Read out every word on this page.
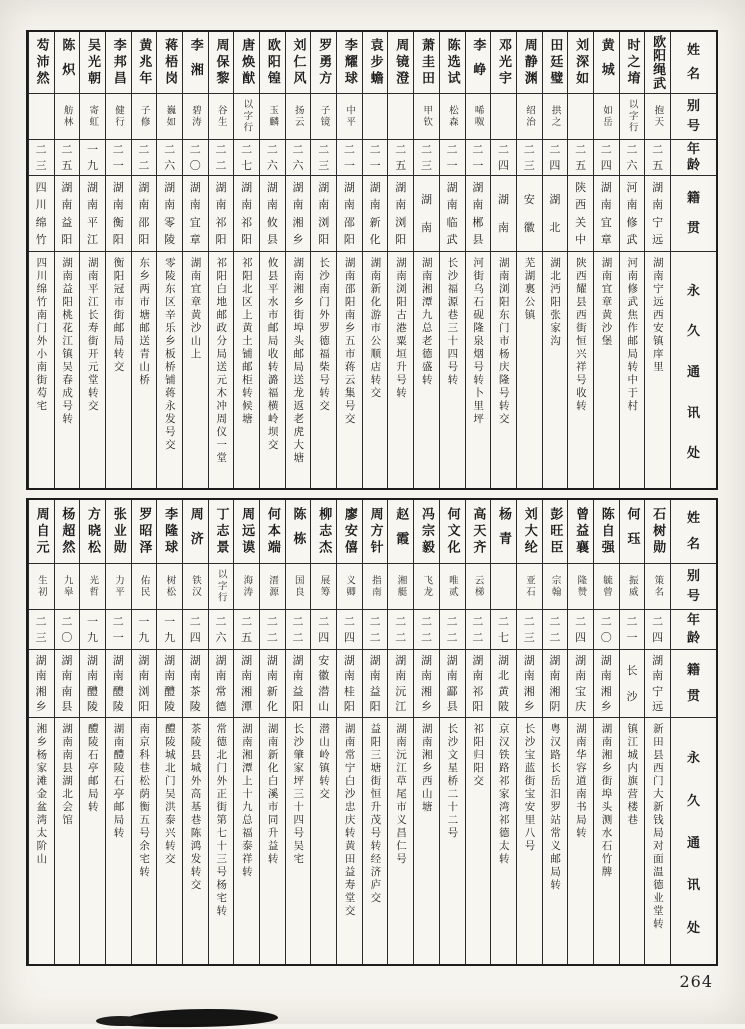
姓
名
别
号
年
龄
籍
贯
永
久
通
讯
处
欧阳绳武
抱天
二
五
湖
南
宁
远
湖南宁远西安镇庠里
时之堉
以字行
二
六
河
南
修
武
河南修武焦作邮局转中于村
黄城
如岳
二
四
湖
南
宜
章
湖南宜章黄沙堡
刘深如
二
五
陕
西
关
中
陕西耀县西街恒兴祥号收转
田廷璧
拱之
二
四
湖
北
湖北沔阳张家沟
周静渊
绍治
二
三
安
徽
芜湖裏公镇
邓光宇
二
四
湖
南
湖南浏阳东门市杨庆隆号转交
李峥
唏呶
二
一
湖
南
郴
县
河街乌石砚隆泉烟号转卜里坪
陈选试
松森
二
一
湖
南
临
武
长沙福源巷三十四号转
萧圭田
甲钦
二
三
湖
南
湖南湘潭九总老德盛转
周镜澄
二
五
湖
南
浏
阳
湖南浏阳古港粟垣升号转
袁步蟾
二
一
湖
南
新
化
湖南新化游市公顺店转交
李耀球
中平
二
一
湖
南
邵
阳
湖南邵阳南乡五市蒋云集号交
罗勇方
子镜
二
三
湖
南
浏
阳
长沙南门外罗德福柴号转交
刘仁风
扬云
二
六
湖
南
湘
乡
湖南湘乡街埠头邮局送龙返老虎大塘
欧阳锽
玉麟
二
六
湖
南
攸
县
攸县平水市邮局收转潞福横岭坝交
唐焕猷
以字行
二
七
湖
南
祁
阳
祁阳北区上黄土铺邮柜转候塘
周保黎
谷生
二
二
湖
南
祁
阳
祁阳白地邮政分局送元木冲周仪一堂
李湘
碧涛
二
〇
湖
南
宜
章
湖南宜章黄沙山上
蒋梧岗
巍如
二
六
湖
南
零
陵
零陵东区辛乐乡板桥铺蒋永发号交
黄兆年
子修
二
二
湖
南
邵
阳
东乡两市塘邮送青山桥
李邦昌
健行
二
一
湖
南
衡
阳
衡阳冠市街邮局转交
吴光朝
寄虹
一
九
湖
南
平
江
湖南平江长寿街开元堂转交
陈炽
舫林
二
五
湖
南
益
阳
湖南益阳桃花江镇吴春成号转
芶沛然
二
三
四
川
绵
竹
四川绵竹南门外小南街芶宅
姓
名
别
号
年
龄
籍
贯
永
久
通
讯
处
石树勋
策名
二
四
湖
南
宁
远
新田县西门大新钱局对面温德业堂转
何珏
振威
二
一
长
沙
镇江城内旗营楼巷
陈自强
毓曾
二
〇
湖
南
湘
乡
湖南湘乡街埠头测水石竹牌
曾益襄
隆赞
二
四
湖
南
宝
庆
湖南华容道南书局转
彭旺臣
宗翰
二
二
湖
南
湘
阴
粤汉路长岳汨罗站常义邮局转
刘大纶
亚石
二
三
湖
南
湘
乡
长沙宝蓝街宝安里八号
杨青
二
七
湖
北
黄
陂
京汉铁路祁家湾祁德太转
高天齐
云梯
二
二
湖
南
祁
阳
祁阳归阳交
何文化
唯贰
二
二
湖
南
酃
县
长沙文星桥二十二号
冯宗毅
飞龙
二
二
湖
南
湘
乡
湖南湘乡西山塘
赵霞
湘艇
二
二
湖
南
沅
江
湖南沅江草尾市义昌仁号
周方针
指南
二
二
湖
南
益
阳
益阳三塘街恒升茂号转经济庐交
廖安僖
义卿
二
四
湖
南
桂
阳
湖南常宁白沙忠庆转黄田益寿堂交
柳志杰
展筹
二
四
安
徽
潜
山
潜山岭镇转交
陈栋
国良
二
二
湖
南
益
阳
长沙肇家坪三十四号吴宅
何本端
溍源
二
二
湖
南
新
化
湖南新化白溪市同升益转
周远谟
海涛
二
五
湖
南
湘
潭
湖南湘潭上十九总福泰祥转
丁志景
以字行
二
六
湖
南
常
德
常德北门外正街第七十三号杨宅转
周济
铁汉
二
四
湖
南
茶
陵
茶陵县城外高基巷陈鸿发转交
李隆球
树松
一
九
湖
南
醴
陵
醴陵城北门吴洪泰兴转交
罗昭泽
佑民
一
九
湖
南
浏
阳
南京科巷松荫衡五号余宅转
张业勋
力平
二
一
湖
南
醴
陵
湖南醴陵石亭邮局转
方晓松
光哲
一
九
湖
南
醴
陵
醴陵石亭邮局转
杨超然
九皋
二
〇
湖
南
南
县
湖南南县湖北会馆
周自元
生初
二
三
湖
南
湘
乡
湘乡杨家滩金盆湾太阶山
264
